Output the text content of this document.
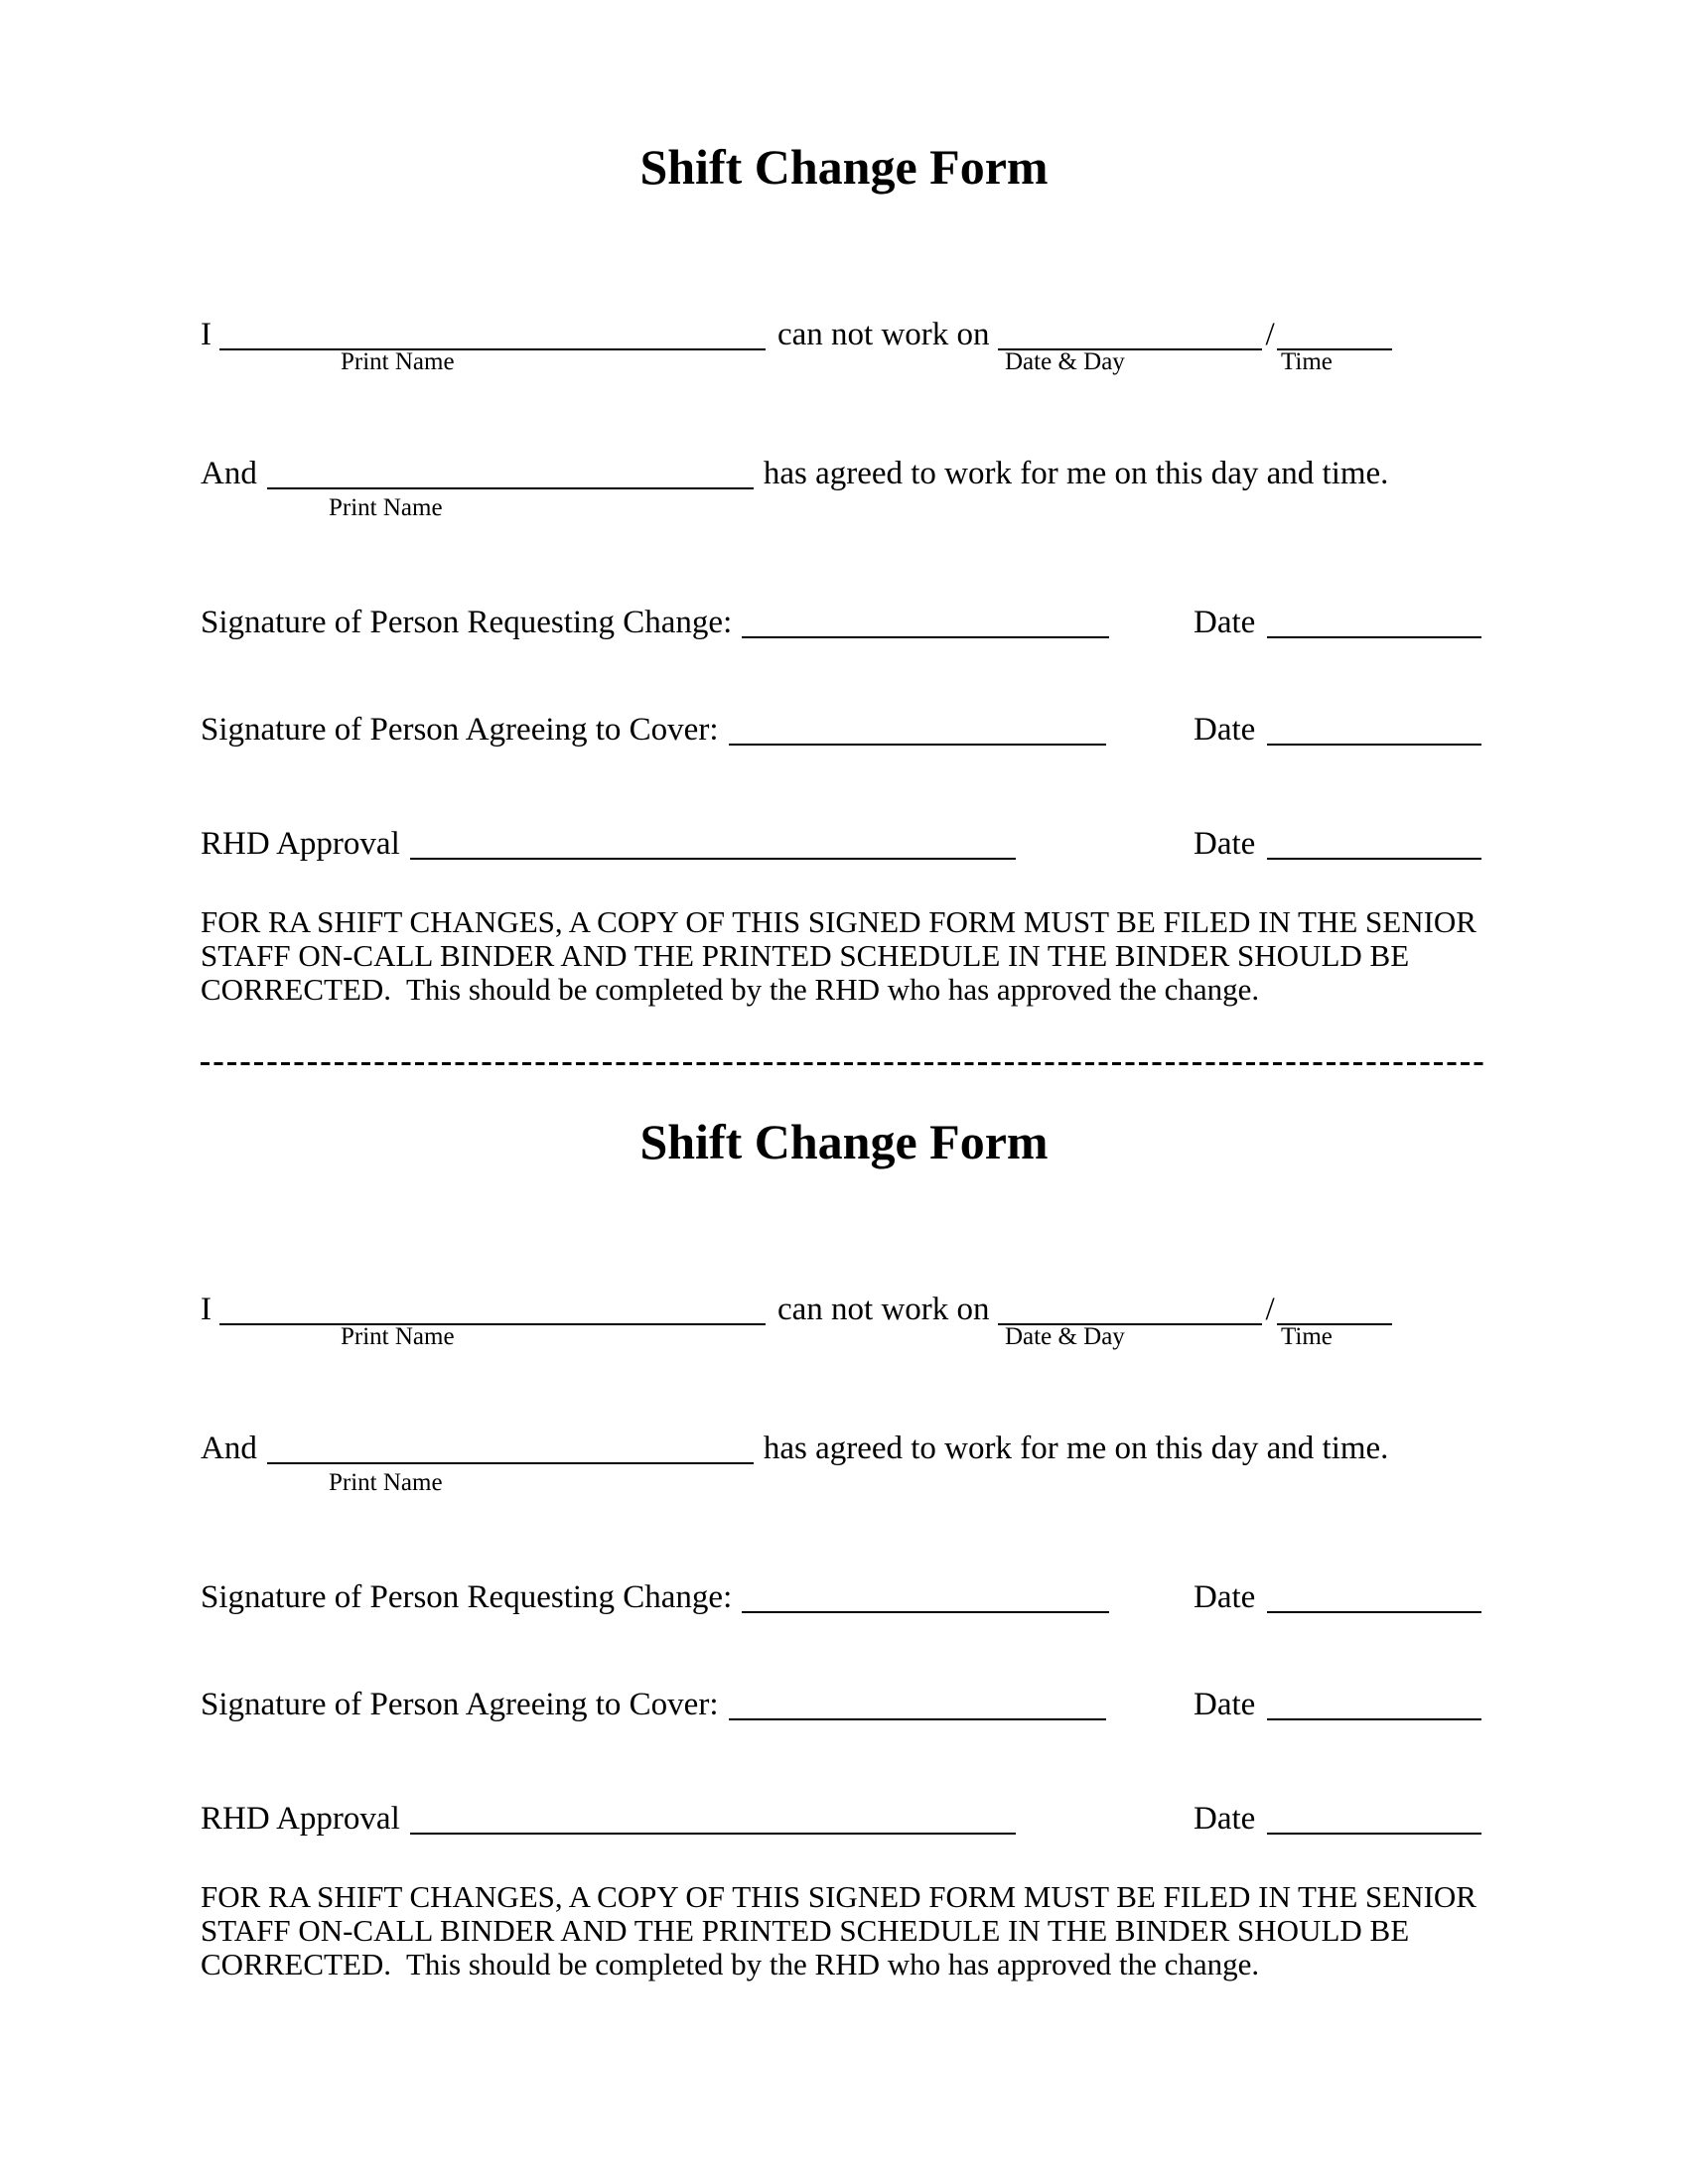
Shift Change Form
I	can not work on	/
Print Name	Date & Day	Time
And	has agreed to work for me on this day and time.
Print Name
Signature of Person Requesting Change:	Date
Signature of Person Agreeing to Cover:	Date
RHD Approval	Date
FOR RA SHIFT CHANGES, A COPY OF THIS SIGNED FORM MUST BE FILED IN THE SENIOR
STAFF ON-CALL BINDER AND THE PRINTED SCHEDULE IN THE BINDER SHOULD BE
CORRECTED.  This should be completed by the RHD who has approved the change.
Shift Change Form
I	can not work on	/
Print Name	Date & Day	Time
And	has agreed to work for me on this day and time.
Print Name
Signature of Person Requesting Change:	Date
Signature of Person Agreeing to Cover:	Date
RHD Approval	Date
FOR RA SHIFT CHANGES, A COPY OF THIS SIGNED FORM MUST BE FILED IN THE SENIOR
STAFF ON-CALL BINDER AND THE PRINTED SCHEDULE IN THE BINDER SHOULD BE
CORRECTED.  This should be completed by the RHD who has approved the change.
